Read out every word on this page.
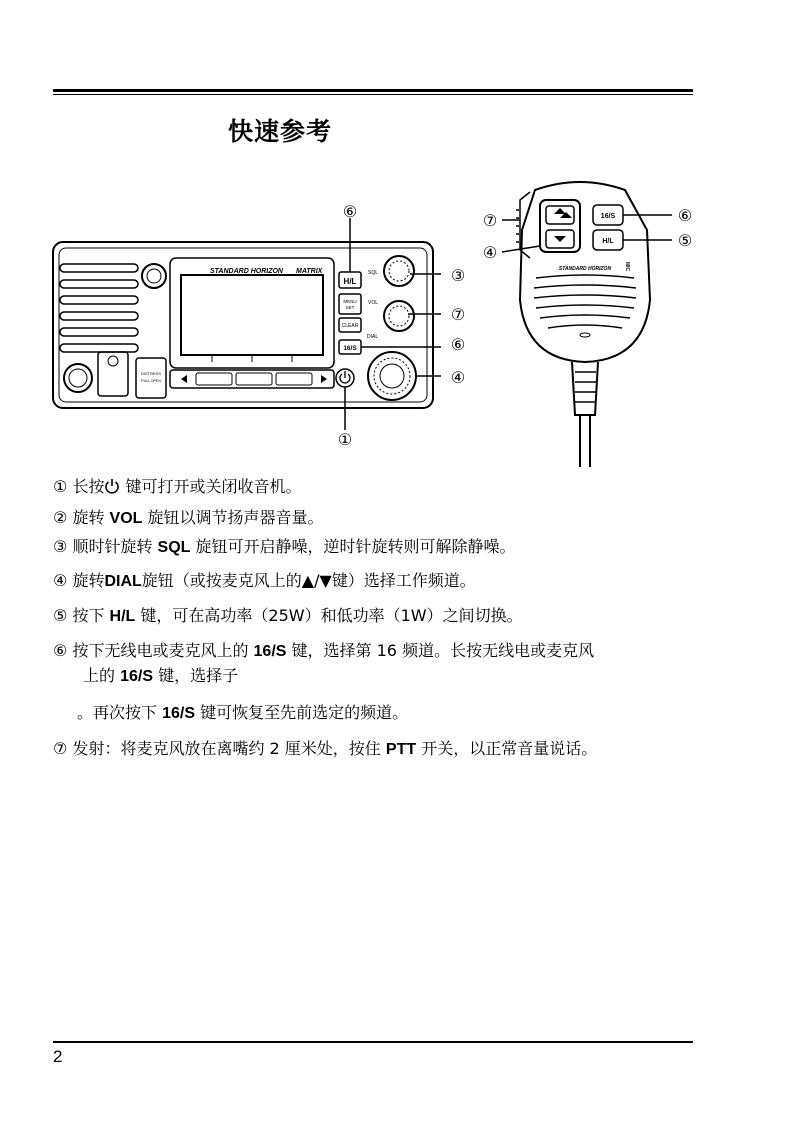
快速参考
STANDARD HORIZON MATRIX
H/L
MENU
SET
CLEAR
16/S
SQL
VOL
DIAL
DISTRESS
PULL OPEN
16/S
H/L
STANDARD HORIZON	MIC
⑥
③
⑦
⑥
④
①
⑦
④
⑥
⑤
① 长按 键可打开或关闭收音机。
② 旋转 VOL 旋钮以调节扬声器音量。
③ 顺时针旋转 SQL 旋钮可开启静噪，逆时针旋转则可解除静噪。
④ 旋转DIAL旋钮（或按麦克风上的▲/▼键）选择工作频道。
⑤ 按下 H/L 键，可在高功率（25W）和低功率（1W）之间切换。
⑥ 按下无线电或麦克风上的 16/S 键，选择第 16 频道。长按无线电或麦克风
上的 16/S 键，选择子
。再次按下 16/S 键可恢复至先前选定的频道。
⑦ 发射：将麦克风放在离嘴约 2 厘米处，按住 PTT 开关，以正常音量说话。
2
